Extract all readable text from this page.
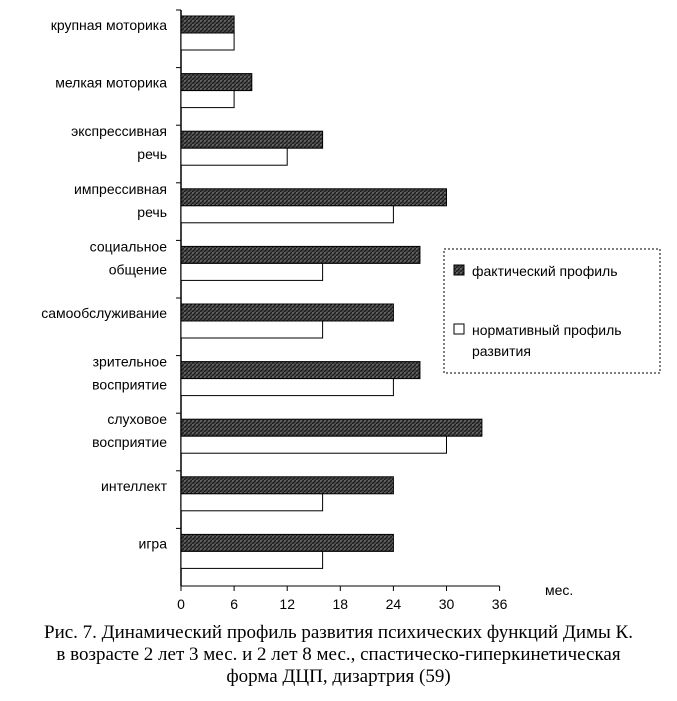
крупная моторика
мелкая моторика
экспрессивная речь
импрессивная речь
социальное общение
самообслуживание
зрительное восприятие
слуховое восприятие
интеллект
игра
0	6	12	18	24	30	36
мес.
фактический профиль
нормативный профиль развития
Рис. 7. Динамический профиль развития психических функций Димы К.
в возрасте 2 лет 3 мес. и 2 лет 8 мес., спастическо-гиперкинетическая
форма ДЦП, дизартрия (59)
